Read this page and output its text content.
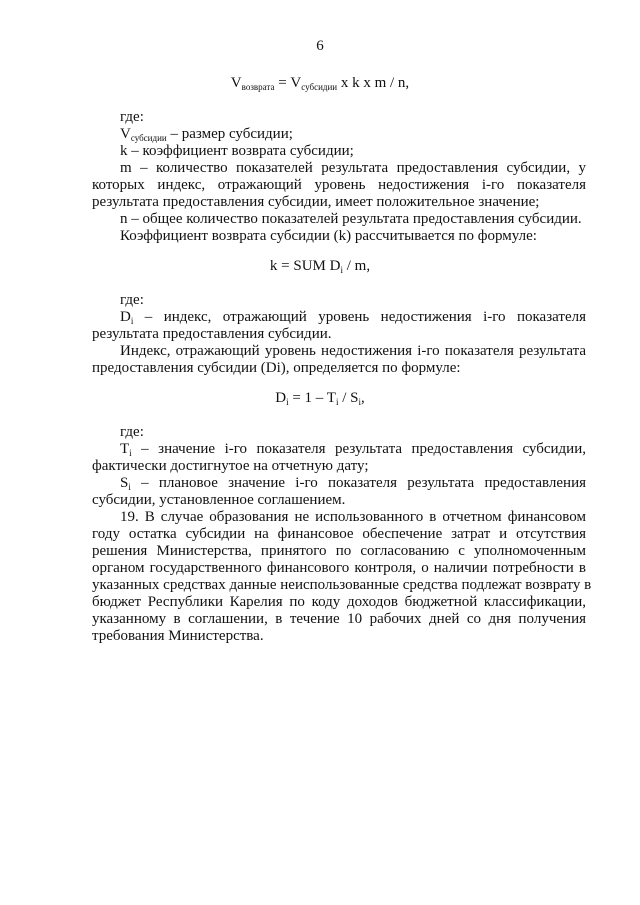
6
$V_{возврата} = V_{субсидии}$ x k x m / n,
где:
$V_{субсидии}$ – размер субсидии;
k – коэффициент возврата субсидии;
m – количество показателей результата предоставления субсидии, у
которых индекс, отражающий уровень недостижения i-го показателя
результата предоставления субсидии, имеет положительное значение;
n – общее количество показателей результата предоставления субсидии.
Коэффициент возврата субсидии (k) рассчитывается по формуле:
k = SUM $D_i$ / m,
где:
$D_i$ – индекс, отражающий уровень недостижения i-го показателя
результата предоставления субсидии.
Индекс, отражающий уровень недостижения i-го показателя результата
предоставления субсидии (Di), определяется по формуле:
$D_i = 1 - T_i / S_i$,
где:
$T_i$ – значение i-го показателя результата предоставления субсидии,
фактически достигнутое на отчетную дату;
$S_i$ – плановое значение i-го показателя результата предоставления
субсидии, установленное соглашением.
19. В случае образования не использованного в отчетном финансовом
году остатка субсидии на финансовое обеспечение затрат и отсутствия
решения Министерства, принятого по согласованию с уполномоченным
органом государственного финансового контроля, о наличии потребности в
указанных средствах данные неиспользованные средства подлежат возврату в
бюджет Республики Карелия по коду доходов бюджетной классификации,
указанному в соглашении, в течение 10 рабочих дней со дня получения
требования Министерства.
